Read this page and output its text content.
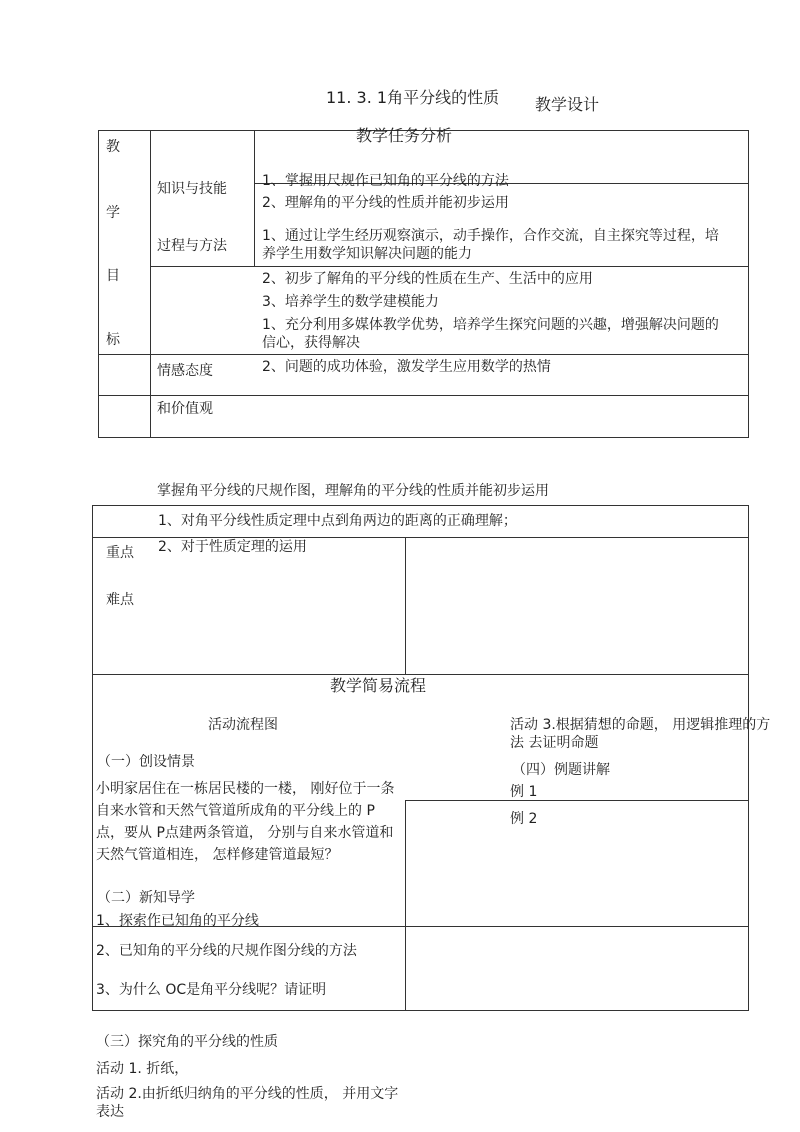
11. 3. 1角平分线的性质 教学设计
教学任务分析
教
学
目
标
知识与技能
过程与方法
情感态度
和价值观
1、掌握用尺规作已知角的平分线的方法
2、理解角的平分线的性质并能初步运用
1、通过让学生经历观察演示，动手操作，合作交流，自主探究等过程，培养学生用数学知识解决问题的能力
2、初步了解角的平分线的性质在生产、生活中的应用
3、培养学生的数学建模能力
1、充分利用多媒体教学优势，培养学生探究问题的兴趣，增强解决问题的信心，获得解决
2、问题的成功体验，激发学生应用数学的热情
掌握角平分线的尺规作图，理解角的平分线的性质并能初步运用
1、对角平分线性质定理中点到角两边的距离的正确理解；
2、对于性质定理的运用
重点
难点
教学简易流程
活动流程图
（一）创设情景
小明家居住在一栋居民楼的一楼， 刚好位于一条自来水管和天然气管道所成角的平分线上的 P点，要从 P点建两条管道， 分别与自来水管道和天然气管道相连， 怎样修建管道最短？
（二）新知导学
1、探索作已知角的平分线
2、已知角的平分线的尺规作图分线的方法
3、为什么 OC是角平分线呢？请证明
活动 3.根据猜想的命题， 用逻辑推理的方法 去证明命题
（四）例题讲解
例 1
例 2
（三）探究角的平分线的性质
活动 1. 折纸，
活动 2.由折纸归纳角的平分线的性质， 并用文字表达
